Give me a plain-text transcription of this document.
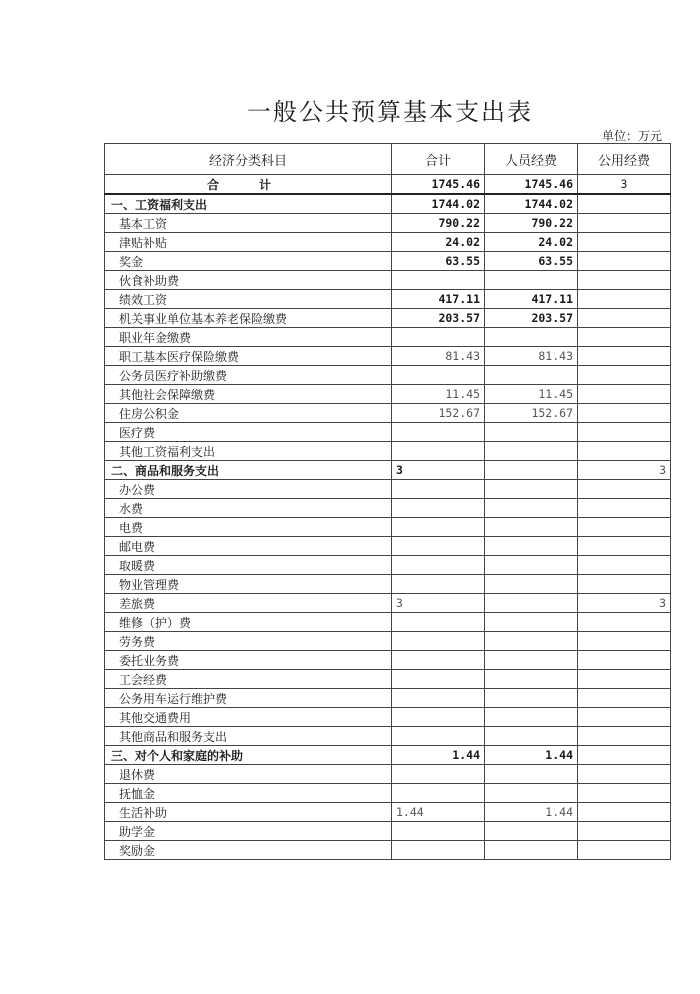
一般公共预算基本支出表
单位：万元
经济分类科目	合计	人员经费	公用经费
合　计	1745.46	1745.46	3
一、工资福利支出	1744.02	1744.02	
基本工资	790.22	790.22	
津贴补贴	24.02	24.02	
奖金	63.55	63.55	
伙食补助费			
绩效工资	417.11	417.11	
机关事业单位基本养老保险缴费	203.57	203.57	
职业年金缴费			
职工基本医疗保险缴费	81.43	81.43	
公务员医疗补助缴费			
其他社会保障缴费	11.45	11.45	
住房公积金	152.67	152.67	
医疗费			
其他工资福利支出			
二、商品和服务支出	3		3
办公费			
水费			
电费			
邮电费			
取暖费			
物业管理费			
差旅费	3		3
维修（护）费			
劳务费			
委托业务费			
工会经费			
公务用车运行维护费			
其他交通费用			
其他商品和服务支出			
三、对个人和家庭的补助	1.44	1.44	
退休费			
抚恤金			
生活补助	1.44	1.44	
助学金			
奖励金			
